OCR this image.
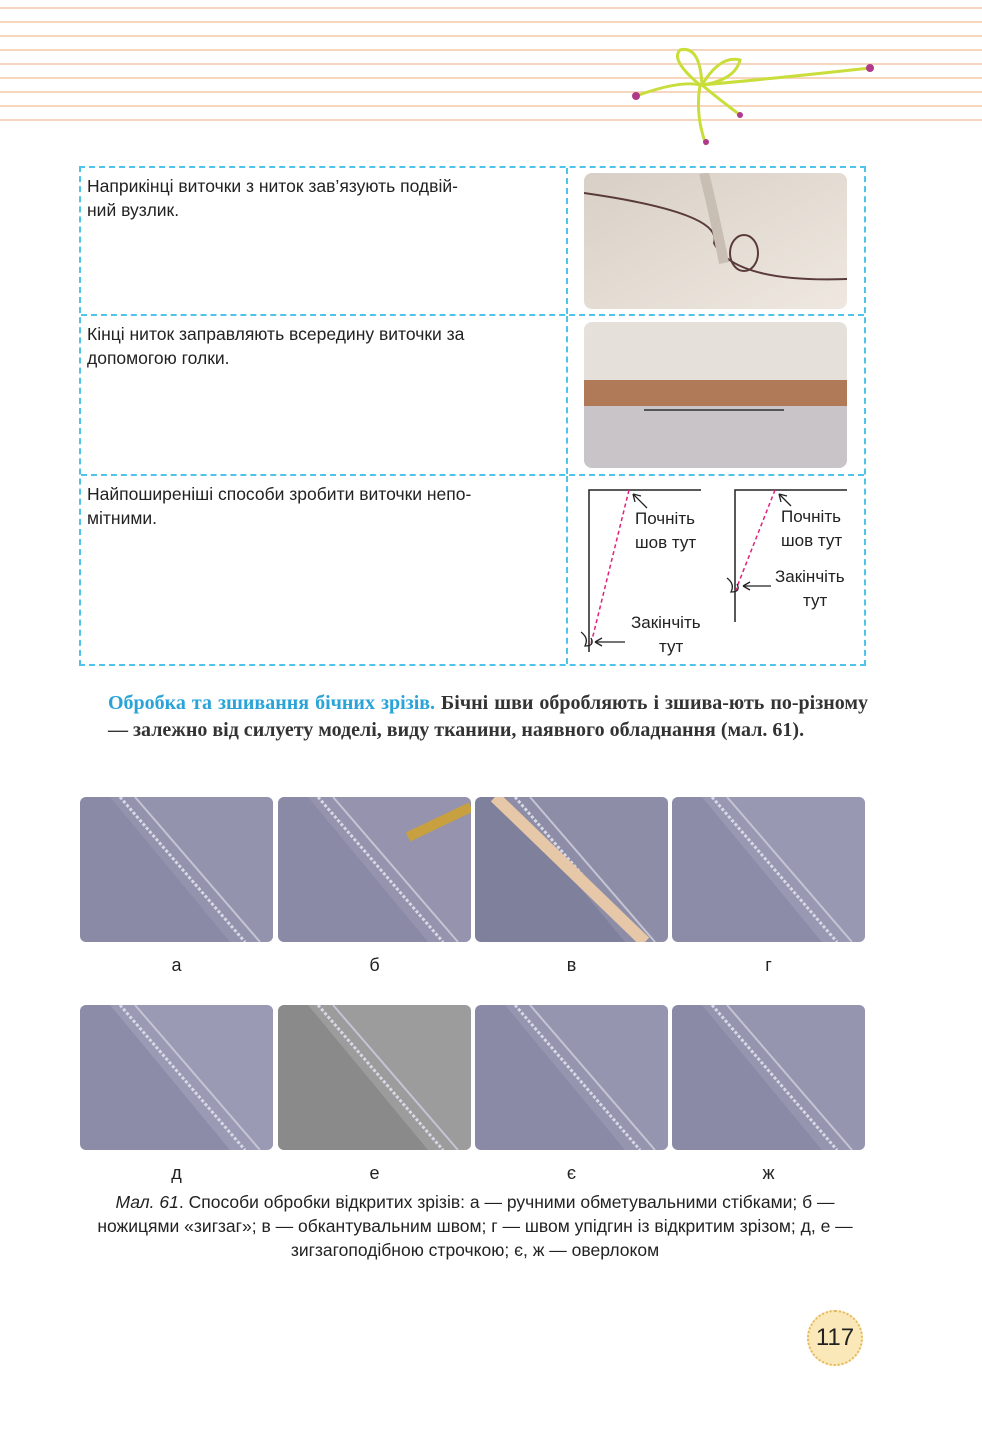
Наприкінці виточки з ниток зав’язують подвій-
ний вузлик.
Кінці ниток заправляють всередину виточки за
допомогою голки.
Найпоширеніші способи зробити виточки непо-
мітними.	Почніть шов тут
Закінчіть тут
Почніть шов тут
Закінчіть тут
Обробка та зшивання бічних зрізів. Бічні шви обробляють і зшива-ють по-різному — залежно від силуету моделі, виду тканини, наявного обладнання (мал. 61).
а	б	в	г
д	е	є	ж
Мал. 61. Способи обробки відкритих зрізів: а — ручними обметувальними стібками; б — ножицями «зигзаг»; в — обкантувальним швом; г — швом упідгин із відкритим зрізом; д, е — зигзагоподібною строчкою; є, ж — оверлоком
117
